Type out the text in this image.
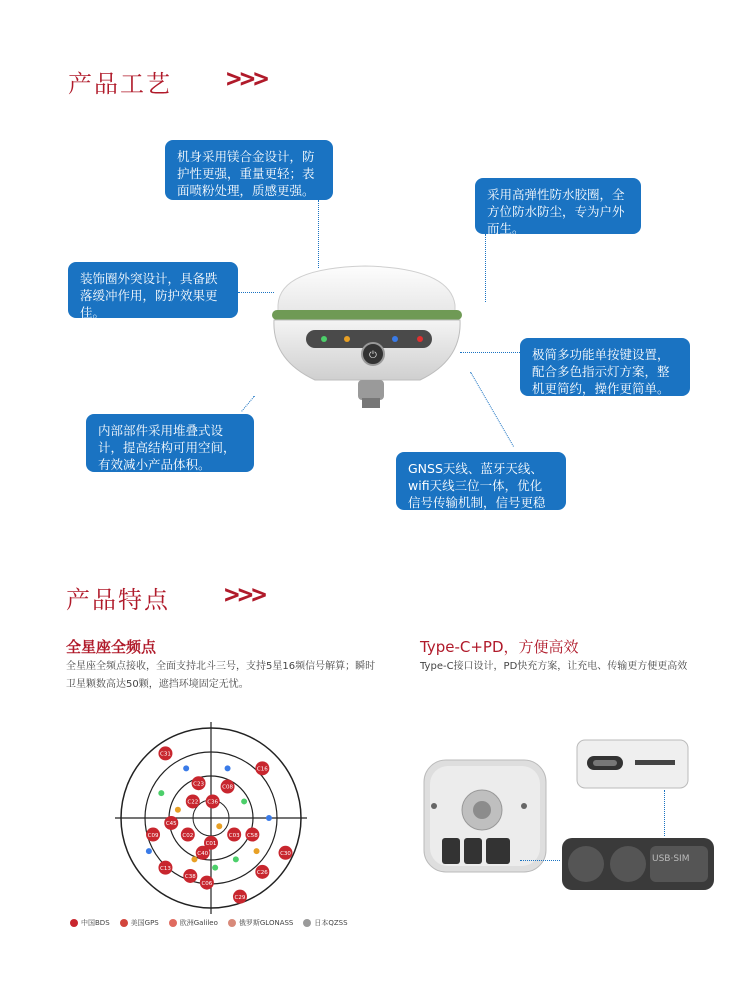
产品工艺 >>>
⏻
机身采用镁合金设计，防护性更强，重量更轻；表面喷粉处理，质感更强。	采用高弹性防水胶圈，全方位防水防尘，专为户外而生。
装饰圈外突设计，具备跌落缓冲作用，防护效果更佳。
极简多功能单按键设置，配合多色指示灯方案，整机更简约，操作更简单。
内部部件采用堆叠式设计，提高结构可用空间，有效减小产品体积。	GNSS天线、蓝牙天线、wifi天线三位一体，优化信号传输机制，信号更稳定。
产品特点 >>>
全星座全频点
全星座全频点接收，全面支持北斗三号，支持5星16频信号解算；瞬时
卫星颗数高达50颗，遮挡环境固定无忧。
Type-C+PD，方便高效
Type-C接口设计，PD快充方案，让充电、传输更方便更高效
C31
C16
C23
C08
C22 C36
C45
C09	C02
C01
C03 C58
C40
C13
C38
C26
C30
C06
C29
中国BDS	美国GPS	欧洲Galileo	俄罗斯GLONASS	日本QZSS
USB·SIM
